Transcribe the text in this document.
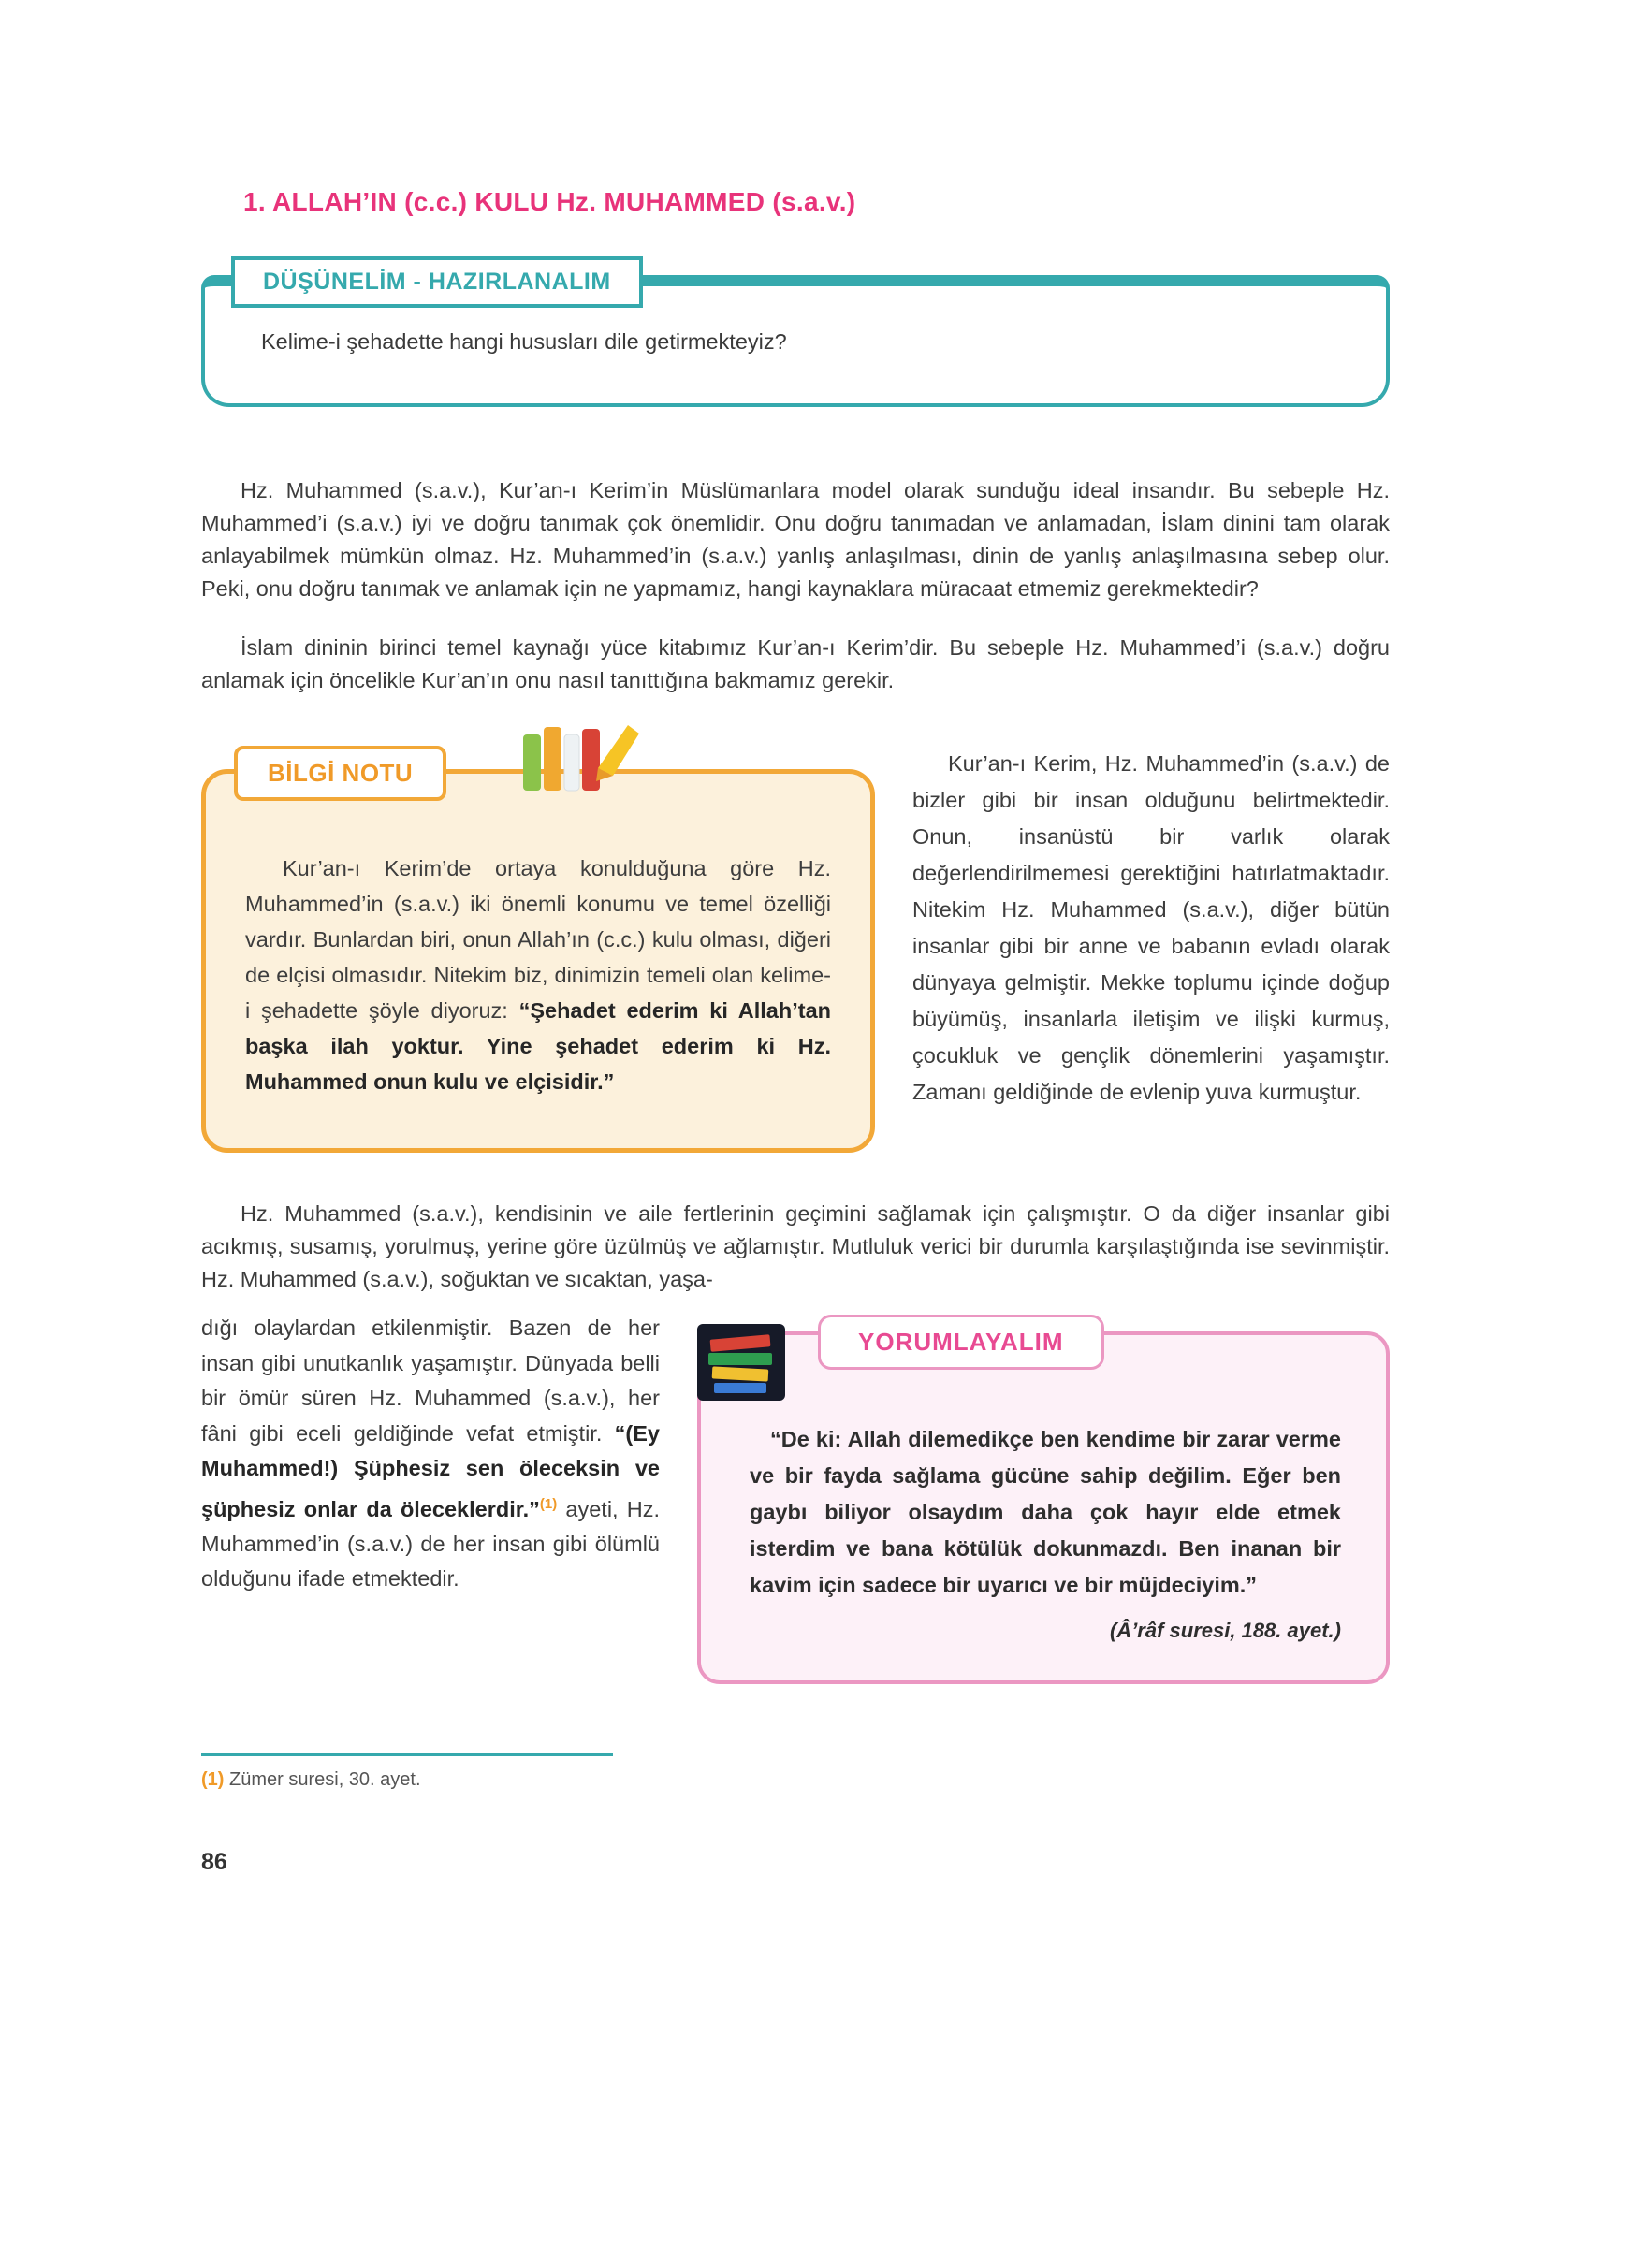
1. ALLAH’IN (c.c.) KULU Hz. MUHAMMED (s.a.v.)
DÜŞÜNELİM - HAZIRLANALIM

Kelime-i şehadette hangi hususları dile getirmekteyiz?

Hz. Muhammed (s.a.v.), Kur’an-ı Kerim’in Müslümanlara model olarak sunduğu ideal insandır. Bu sebeple Hz. Muhammed’i (s.a.v.) iyi ve doğru tanımak çok önemlidir. Onu doğru tanımadan ve anlamadan, İslam dinini tam olarak anlayabilmek mümkün olmaz. Hz. Muhammed’in (s.a.v.) yanlış anlaşılması, dinin de yanlış anlaşılmasına sebep olur. Peki, onu doğru tanımak ve anlamak için ne yapmamız, hangi kaynaklara müracaat etmemiz gerekmektedir?

İslam dininin birinci temel kaynağı yüce kitabımız Kur’an-ı Kerim’dir. Bu sebeple Hz. Muhammed’i (s.a.v.) doğru anlamak için öncelikle Kur’an’ın onu nasıl tanıttığına bakmamız gerekir.

BİLGİ NOTU

Kur’an-ı Kerim’de ortaya konulduğuna göre Hz. Muhammed’in (s.a.v.) iki önemli konumu ve temel özelliği vardır. Bunlardan biri, onun Allah’ın (c.c.) kulu olması, diğeri de elçisi olmasıdır. Nitekim biz, dinimizin temeli olan kelime-i şehadette şöyle diyoruz: “Şehadet ederim ki Allah’tan başka ilah yoktur. Yine şehadet ederim ki Hz. Muhammed onun kulu ve elçisidir.”

Kur’an-ı Kerim, Hz. Muhammed’in (s.a.v.) de bizler gibi bir insan olduğunu belirtmektedir. Onun, insanüstü bir varlık olarak değerlendirilmemesi gerektiğini hatırlatmaktadır. Nitekim Hz. Muhammed (s.a.v.), diğer bütün insanlar gibi bir anne ve babanın evladı olarak dünyaya gelmiştir. Mekke toplumu içinde doğup büyümüş, insanlarla iletişim ve ilişki kurmuş, çocukluk ve gençlik dönemlerini yaşamıştır. Zamanı geldiğinde de evlenip yuva kurmuştur.

Hz. Muhammed (s.a.v.), kendisinin ve aile fertlerinin geçimini sağlamak için çalışmıştır. O da diğer insanlar gibi acıkmış, susamış, yorulmuş, yerine göre üzülmüş ve ağlamıştır. Mutluluk verici bir durumla karşılaştığında ise sevinmiştir. Hz. Muhammed (s.a.v.), soğuktan ve sıcaktan, yaşa-

dığı olaylardan etkilenmiştir. Bazen de her insan gibi unutkanlık yaşamıştır. Dünyada belli bir ömür süren Hz. Muhammed (s.a.v.), her fâni gibi eceli geldiğinde vefat etmiştir. “(Ey Muhammed!) Şüphesiz sen öleceksin ve şüphesiz onlar da öleceklerdir.”$^{(1)}$ ayeti, Hz. Muhammed’in (s.a.v.) de her insan gibi ölümlü olduğunu ifade etmektedir.

YORUMLAYALIM

“De ki: Allah dilemedikçe ben kendime bir zarar verme ve bir fayda sağlama gücüne sahip değilim. Eğer ben gaybı biliyor olsaydım daha çok hayır elde etmek isterdim ve bana kötülük dokunmazdı. Ben inanan bir kavim için sadece bir uyarıcı ve bir müjdeciyim.”

(Â’râf suresi, 188. ayet.)

(1) Zümer suresi, 30. ayet.

86
